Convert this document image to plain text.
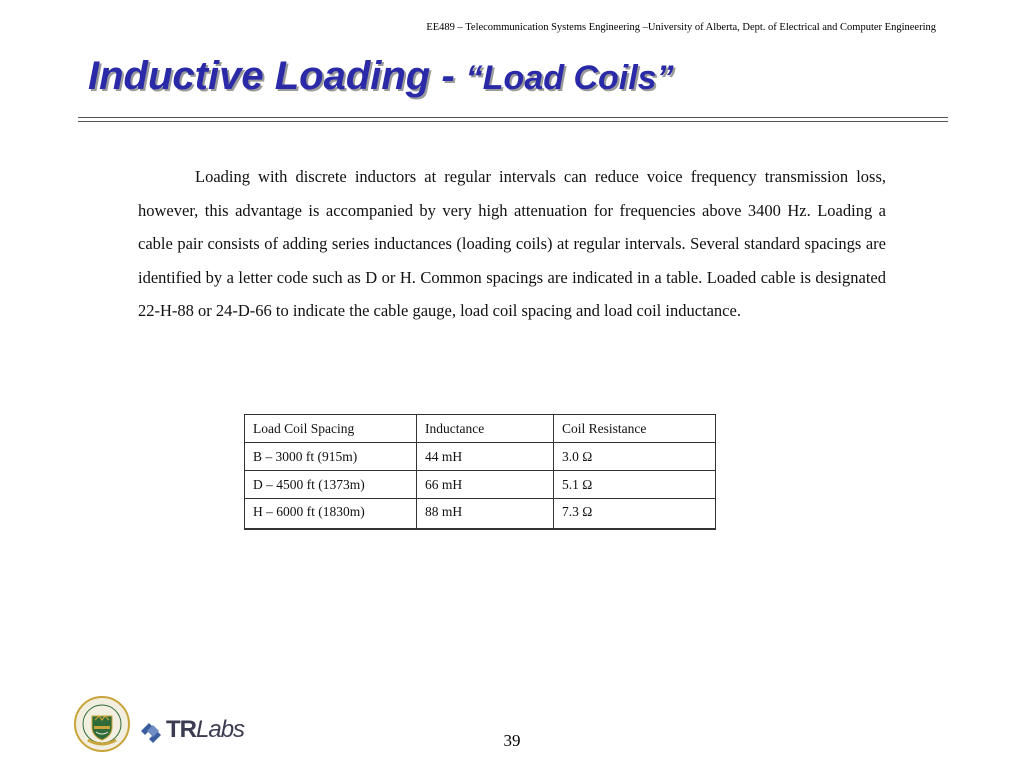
EE489 – Telecommunication Systems Engineering –University of Alberta, Dept. of Electrical and Computer Engineering
Inductive Loading - “Load Coils”

Loading with discrete inductors at regular intervals can reduce voice frequency transmission loss, however, this advantage is accompanied by very high attenuation for frequencies above 3400 Hz. Loading a cable pair consists of adding series inductances (loading coils) at regular intervals. Several standard spacings are identified by a letter code such as D or H. Common spacings are indicated in a table. Loaded cable is designated 22-H-88 or 24-D-66 to indicate the cable gauge, load coil spacing and load coil inductance.

Load Coil Spacing	Inductance	Coil Resistance
B – 3000 ft (915m)	44 mH	3.0 Ω
D – 4500 ft (1373m)	66 mH	5.1 Ω
H – 6000 ft (1830m)	88 mH	7.3 Ω
TRLabs	39
